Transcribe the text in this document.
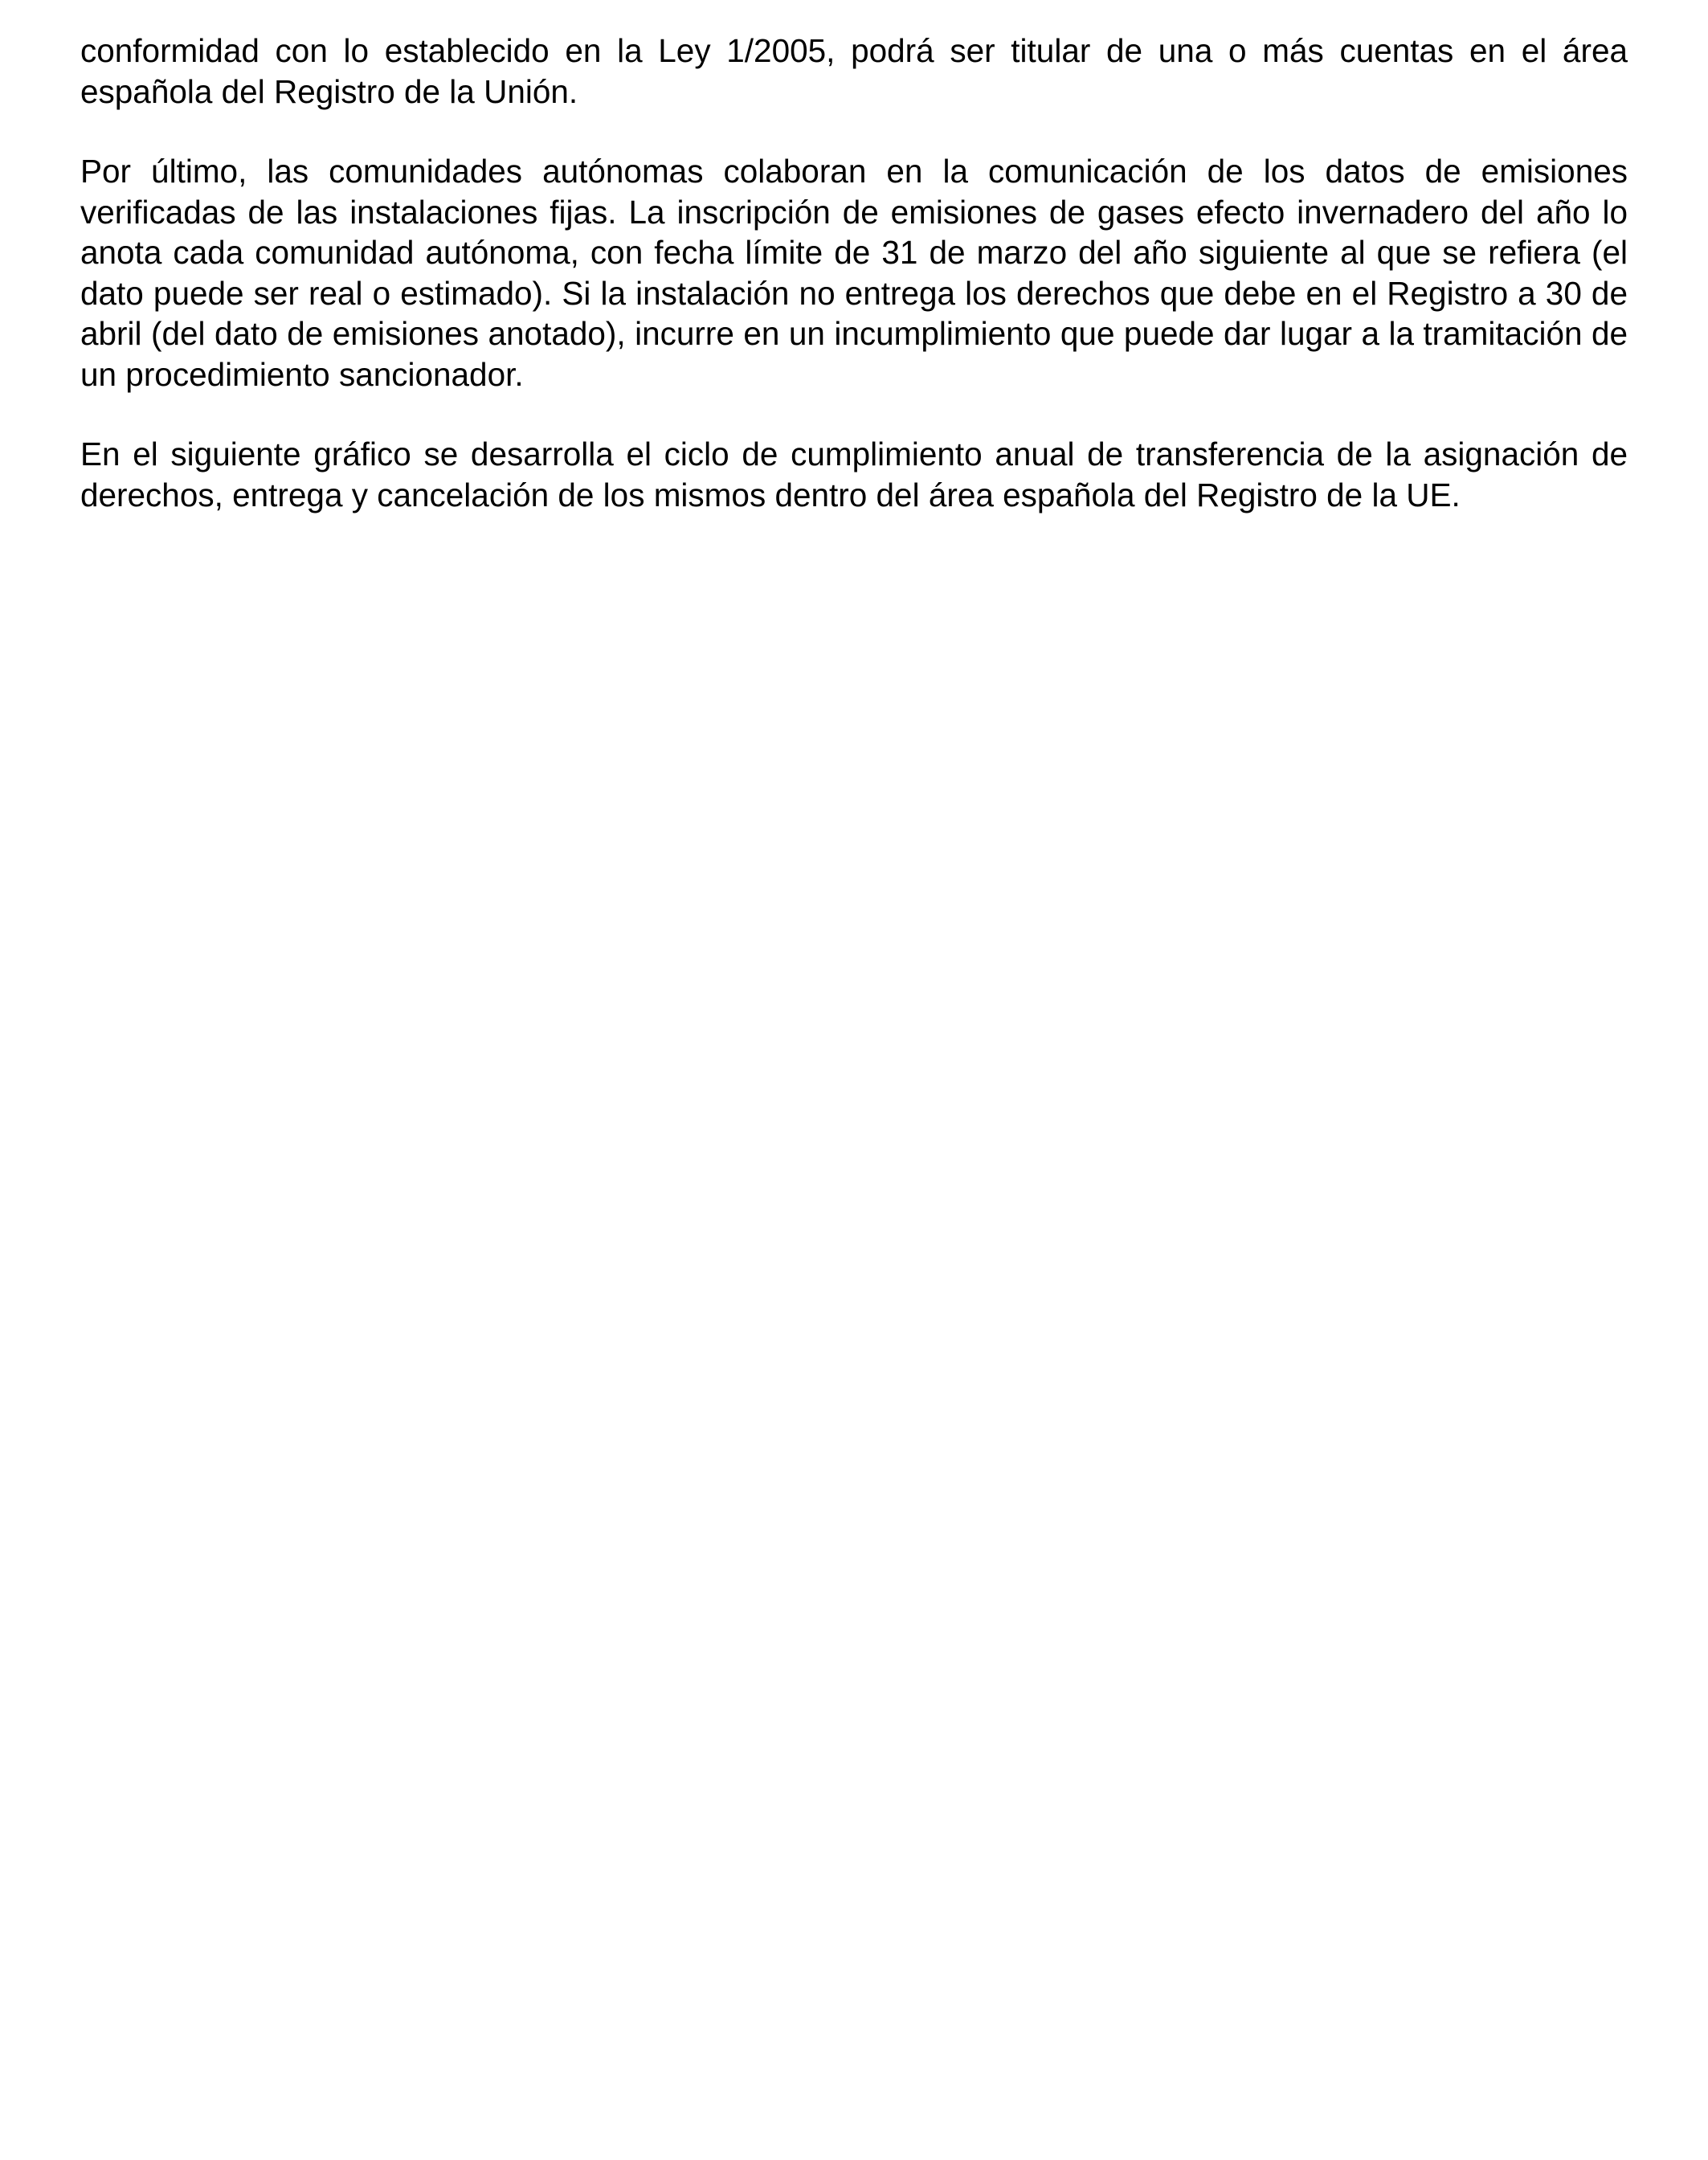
conformidad con lo establecido en la Ley 1/2005, podrá ser titular de una o más cuentas en el área española del Registro de la Unión.

Por último, las comunidades autónomas colaboran en la comunicación de los datos de emisiones verificadas de las instalaciones fijas. La inscripción de emisiones de gases efecto invernadero del año lo anota cada comunidad autónoma, con fecha límite de 31 de marzo del año siguiente al que se refiera (el dato puede ser real o estimado). Si la instalación no entrega los derechos que debe en el Registro a 30 de abril (del dato de emisiones anotado), incurre en un incumplimiento que puede dar lugar a la tramitación de un procedimiento sancionador.

En el siguiente gráfico se desarrolla el ciclo de cumplimiento anual de transferencia de la asignación de derechos, entrega y cancelación de los mismos dentro del área española del Registro de la UE.
